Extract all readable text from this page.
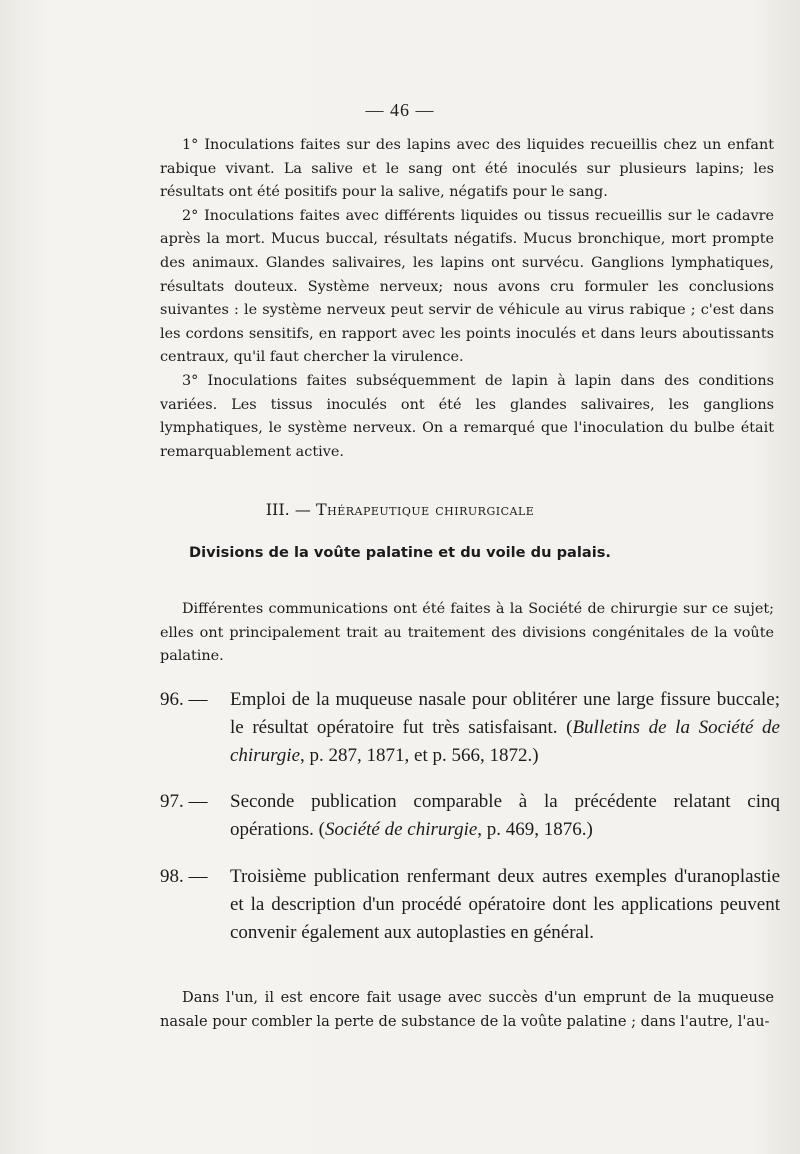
— 46 —

1° Inoculations faites sur des lapins avec des liquides recueillis chez un enfant rabique vivant. La salive et le sang ont été inoculés sur plusieurs lapins; les résultats ont été positifs pour la salive, négatifs pour le sang.

2° Inoculations faites avec différents liquides ou tissus recueillis sur le cadavre après la mort. Mucus buccal, résultats négatifs. Mucus bronchique, mort prompte des animaux. Glandes salivaires, les lapins ont survécu. Ganglions lymphatiques, résultats douteux. Système nerveux; nous avons cru formuler les conclusions suivantes : le système nerveux peut servir de véhicule au virus rabique ; c'est dans les cordons sensitifs, en rapport avec les points inoculés et dans leurs aboutissants centraux, qu'il faut chercher la virulence.

3° Inoculations faites subséquemment de lapin à lapin dans des conditions variées. Les tissus inoculés ont été les glandes salivaires, les ganglions lymphatiques, le système nerveux. On a remarqué que l'inoculation du bulbe était remarquablement active.

III. — Thérapeutique chirurgicale
Divisions de la voûte palatine et du voile du palais.

Différentes communications ont été faites à la Société de chirurgie sur ce sujet; elles ont principalement trait au traitement des divisions congénitales de la voûte palatine.

96. —	Emploi de la muqueuse nasale pour oblitérer une large fissure buccale; le résultat opératoire fut très satisfaisant. (Bulletins de la Société de chirurgie, p. 287, 1871, et p. 566, 1872.)
97. —	Seconde publication comparable à la précédente relatant cinq opérations. (Société de chirurgie, p. 469, 1876.)
98. —	Troisième publication renfermant deux autres exemples d'uranoplastie et la description d'un procédé opératoire dont les applications peuvent convenir également aux autoplasties en général.

Dans l'un, il est encore fait usage avec succès d'un emprunt de la muqueuse nasale pour combler la perte de substance de la voûte palatine ; dans l'autre, l'au-
